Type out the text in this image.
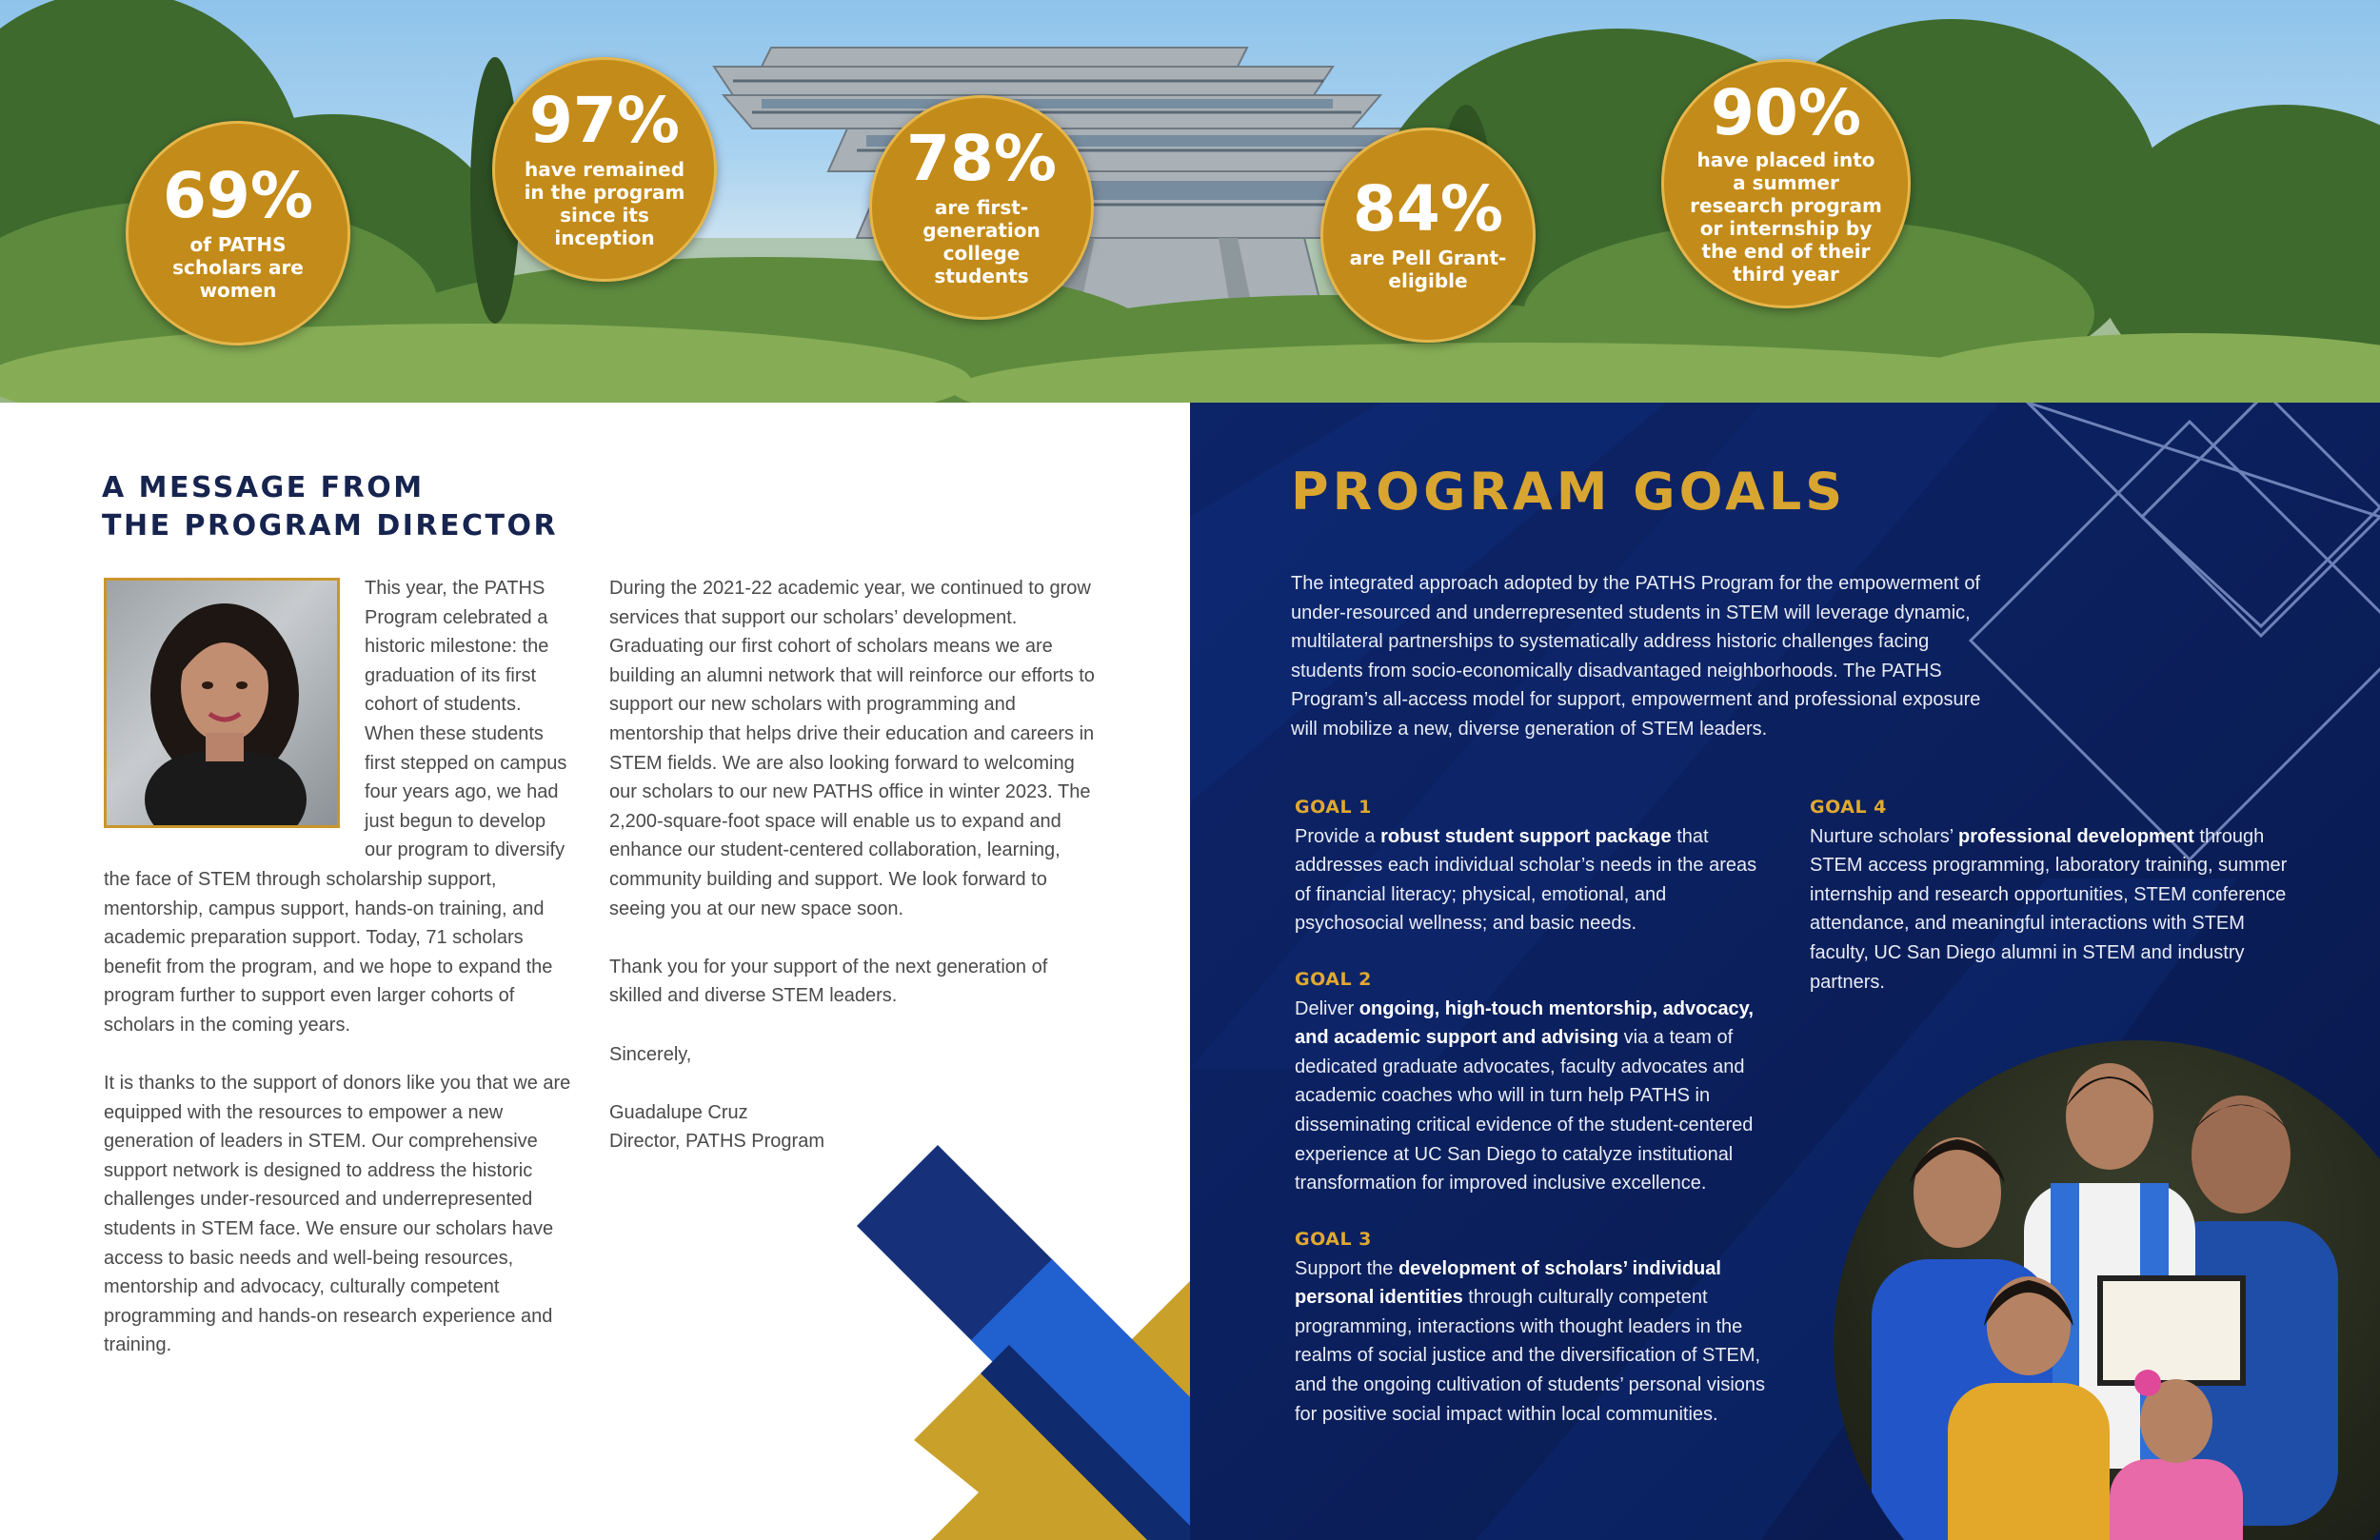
69%
of PATHS scholars are women
97%
have remained in the program since its inception
78%
are first-generation college students
84%
are Pell Grant-eligible
90%
have placed into a summer research program or internship by the end of their third year
A MESSAGE FROM
THE PROGRAM DIRECTOR

This year, the PATHS Program celebrated a historic milestone: the graduation of its first cohort of students. When these students first stepped on campus four years ago, we had just begun to develop our program to diversify the face of STEM through scholarship support, mentorship, campus support, hands-on training, and academic preparation support. Today, 71 scholars benefit from the program, and we hope to expand the program further to support even larger cohorts of scholars in the coming years.

It is thanks to the support of donors like you that we are equipped with the resources to empower a new generation of leaders in STEM. Our comprehensive support network is designed to address the historic challenges under-resourced and underrepresented students in STEM face. We ensure our scholars have access to basic needs and well-being resources, mentorship and advocacy, culturally competent programming and hands-on research experience and training.

During the 2021-22 academic year, we continued to grow services that support our scholars’ development. Graduating our first cohort of scholars means we are building an alumni network that will reinforce our efforts to support our new scholars with programming and mentorship that helps drive their education and careers in STEM fields. We are also looking forward to welcoming our scholars to our new PATHS office in winter 2023. The 2,200-square-foot space will enable us to expand and enhance our student-centered collaboration, learning, community building and support. We look forward to seeing you at our new space soon.

Thank you for your support of the next generation of skilled and diverse STEM leaders.

Sincerely,

Guadalupe Cruz

Director, PATHS Program

PROGRAM GOALS

The integrated approach adopted by the PATHS Program for the empowerment of under-resourced and underrepresented students in STEM will leverage dynamic, multilateral partnerships to systematically address historic challenges facing students from socio-economically disadvantaged neighborhoods. The PATHS Program’s all-access model for support, empowerment and professional exposure will mobilize a new, diverse generation of STEM leaders.

GOAL 1
Provide a robust student support package that addresses each individual scholar’s needs in the areas of financial literacy; physical, emotional, and psychosocial wellness; and basic needs.
GOAL 2
Deliver ongoing, high-touch mentorship, advocacy, and academic support and advising via a team of dedicated graduate advocates, faculty advocates and academic coaches who will in turn help PATHS in disseminating critical evidence of the student-centered experience at UC San Diego to catalyze institutional transformation for improved inclusive excellence.
GOAL 3
Support the development of scholars’ individual personal identities through culturally competent programming, interactions with thought leaders in the realms of social justice and the diversification of STEM, and the ongoing cultivation of students’ personal visions for positive social impact within local communities.
GOAL 4
Nurture scholars’ professional development through STEM access programming, laboratory training, summer internship and research opportunities, STEM conference attendance, and meaningful interactions with STEM faculty, UC San Diego alumni in STEM and industry partners.
